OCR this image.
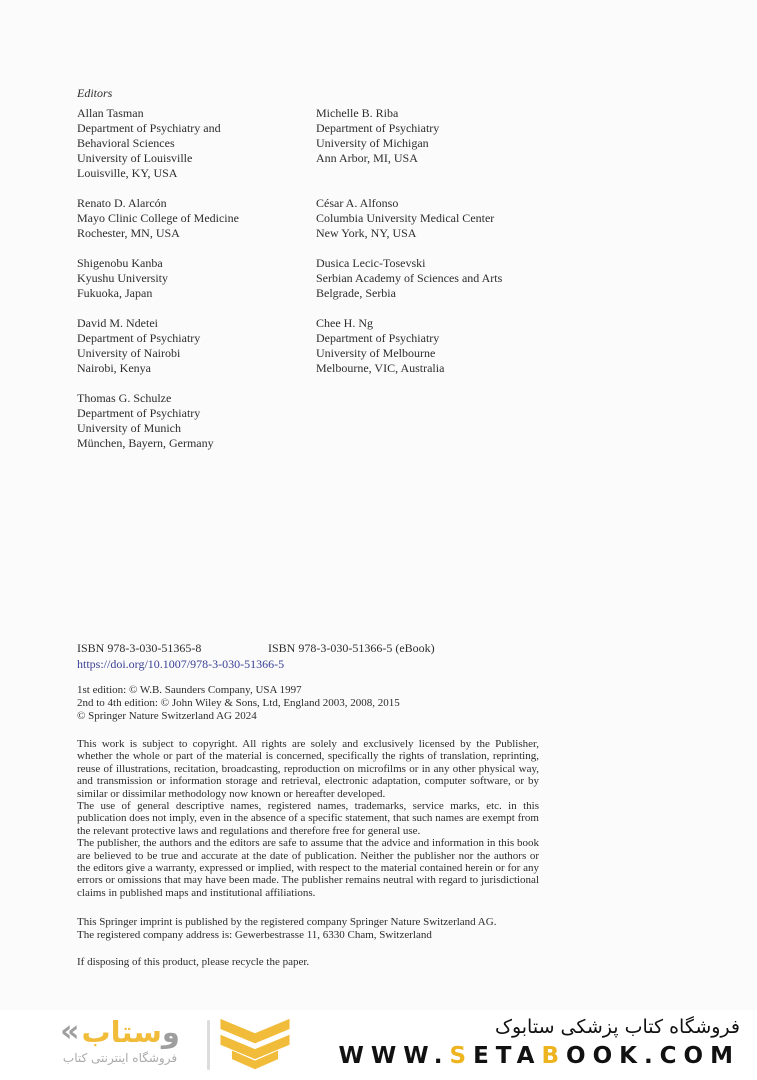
Editors
Allan Tasman
Department of Psychiatry and
Behavioral Sciences
University of Louisville
Louisville, KY, USA
Michelle B. Riba
Department of Psychiatry
University of Michigan
Ann Arbor, MI, USA
Renato D. Alarcón
Mayo Clinic College of Medicine
Rochester, MN, USA
César A. Alfonso
Columbia University Medical Center
New York, NY, USA
Shigenobu Kanba
Kyushu University
Fukuoka, Japan
Dusica Lecic-Tosevski
Serbian Academy of Sciences and Arts
Belgrade, Serbia
David M. Ndetei
Department of Psychiatry
University of Nairobi
Nairobi, Kenya
Chee H. Ng
Department of Psychiatry
University of Melbourne
Melbourne, VIC, Australia
Thomas G. Schulze
Department of Psychiatry
University of Munich
München, Bayern, Germany
ISBN 978-3-030-51365-8	ISBN 978-3-030-51366-5 (eBook)
https://doi.org/10.1007/978-3-030-51366-5
1st edition: © W.B. Saunders Company, USA 1997
2nd to 4th edition: © John Wiley & Sons, Ltd, England 2003, 2008, 2015
© Springer Nature Switzerland AG 2024

This work is subject to copyright. All rights are solely and exclusively licensed by the Publisher, whether the whole or part of the material is concerned, specifically the rights of translation, reprinting, reuse of illustrations, recitation, broadcasting, reproduction on microfilms or in any other physical way, and transmission or information storage and retrieval, electronic adaptation, computer software, or by similar or dissimilar methodology now known or hereafter developed.

The use of general descriptive names, registered names, trademarks, service marks, etc. in this publication does not imply, even in the absence of a specific statement, that such names are exempt from the relevant protective laws and regulations and therefore free for general use.

The publisher, the authors and the editors are safe to assume that the advice and information in this book are believed to be true and accurate at the date of publication. Neither the publisher nor the authors or the editors give a warranty, expressed or implied, with respect to the material contained herein or for any errors or omissions that may have been made. The publisher remains neutral with regard to jurisdictional claims in published maps and institutional affiliations.

This Springer imprint is published by the registered company Springer Nature Switzerland AG.
The registered company address is: Gewerbestrasse 11, 6330 Cham, Switzerland
If disposing of this product, please recycle the paper.
«	وستاب
فروشگاه اینترنتی کتاب
فروشگاه کتاب پزشکی ستابوک
WWW.SETABOOK.COM
